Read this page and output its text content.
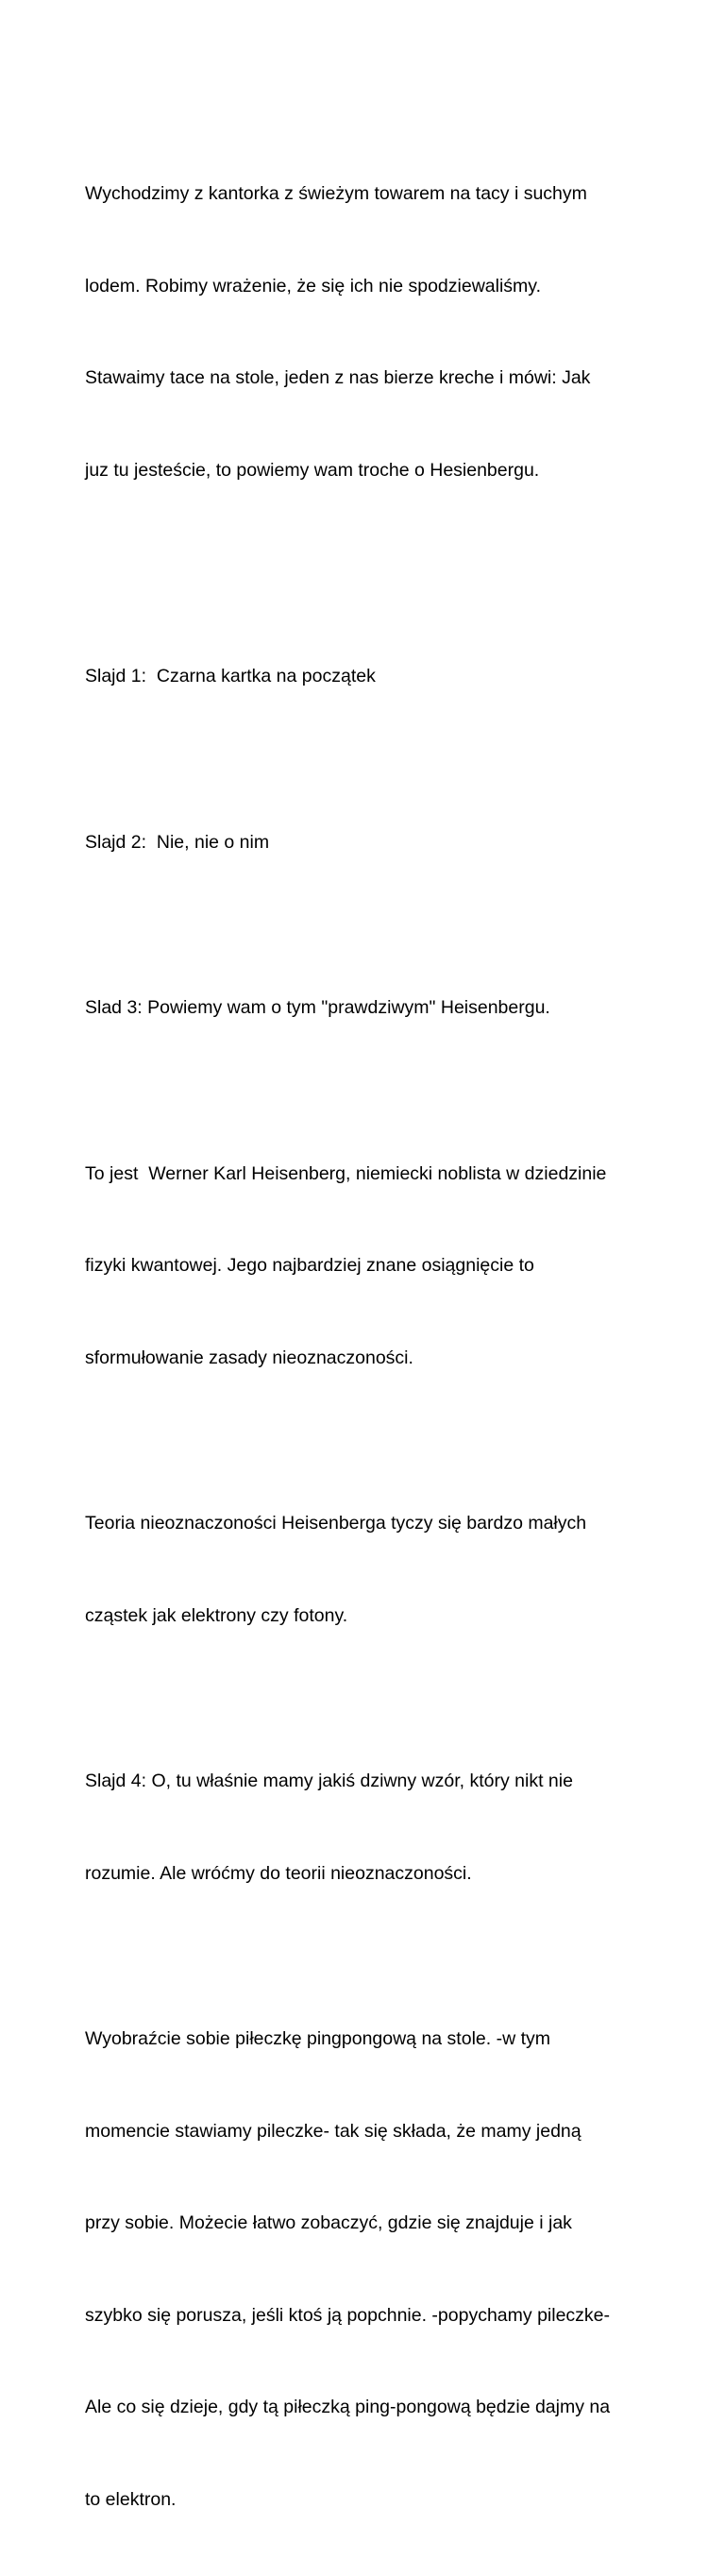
Wychodzimy z kantorka z świeżym towarem na tacy i suchym

lodem. Robimy wrażenie, że się ich nie spodziewaliśmy.

Stawaimy tace na stole, jeden z nas bierze kreche i mówi: Jak

juz tu jesteście, to powiemy wam troche o Hesienbergu.

Slajd 1:  Czarna kartka na początek

Slajd 2:  Nie, nie o nim

Slad 3: Powiemy wam o tym "prawdziwym" Heisenbergu.

To jest  Werner Karl Heisenberg, niemiecki noblista w dziedzinie

fizyki kwantowej. Jego najbardziej znane osiągnięcie to

sformułowanie zasady nieoznaczoności.

Teoria nieoznaczoności Heisenberga tyczy się bardzo małych

cząstek jak elektrony czy fotony.

Slajd 4: O, tu właśnie mamy jakiś dziwny wzór, który nikt nie

rozumie. Ale wróćmy do teorii nieoznaczoności.

Wyobraźcie sobie piłeczkę pingpongową na stole. -w tym

momencie stawiamy pileczke- tak się składa, że mamy jedną

przy sobie. Możecie łatwo zobaczyć, gdzie się znajduje i jak

szybko się porusza, jeśli ktoś ją popchnie. -popychamy pileczke-

Ale co się dzieje, gdy tą piłeczką ping-pongową będzie dajmy na

to elektron.
